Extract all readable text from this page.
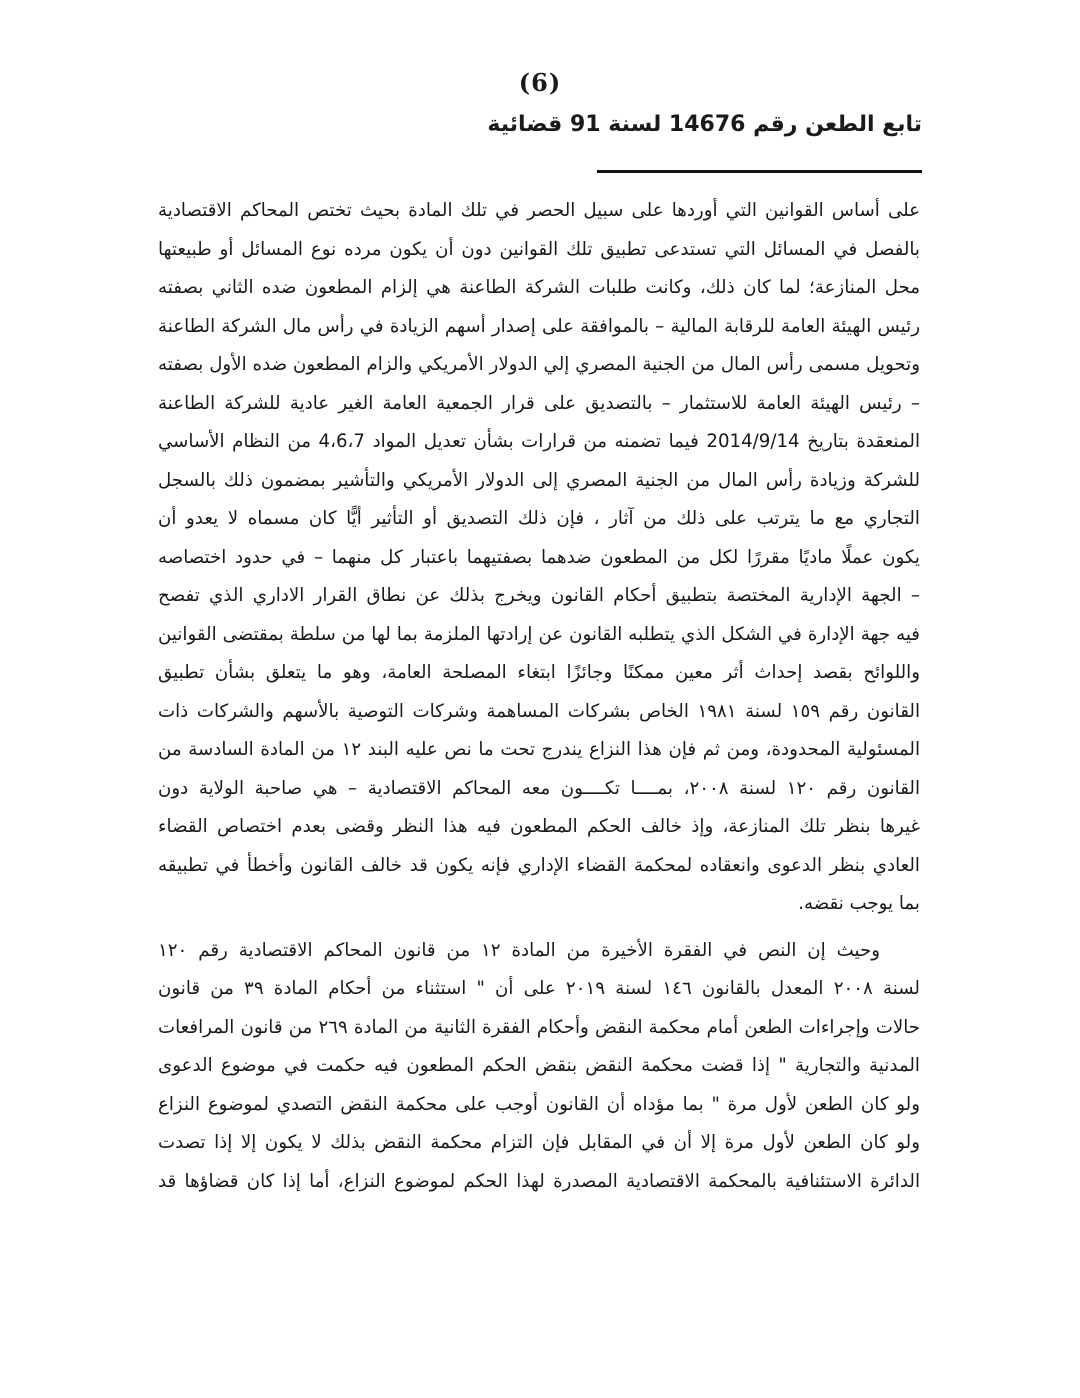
(6)
تابع الطعن رقم 14676 لسنة 91 قضائية
على أساس القوانين التي أوردها على سبيل الحصر في تلك المادة بحيث تختص المحاكم الاقتصادية
بالفصل في المسائل التي تستدعى تطبيق تلك القوانين دون أن يكون مرده نوع المسائل أو طبيعتها
محل المنازعة؛ لما كان ذلك، وكانت طلبات الشركة الطاعنة هي إلزام المطعون ضده الثاني بصفته
رئيس الهيئة العامة للرقابة المالية – بالموافقة على إصدار أسهم الزيادة في رأس مال الشركة الطاعنة
وتحويل مسمى رأس المال من الجنية المصري إلي الدولار الأمريكي والزام المطعون ضده الأول بصفته
– رئيس الهيئة العامة للاستثمار – بالتصديق على قرار الجمعية العامة الغير عادية للشركة الطاعنة
المنعقدة بتاريخ 2014/9/14 فيما تضمنه من قرارات بشأن تعديل المواد 4،6،7 من النظام الأساسي
للشركة وزيادة رأس المال من الجنية المصري إلى الدولار الأمريكي والتأشير بمضمون ذلك بالسجل
التجاري مع ما يترتب على ذلك من آثار ، فإن ذلك التصديق أو التأثير أيًّا كان مسماه لا يعدو أن
يكون عملًا ماديًا مقررًا لكل من المطعون ضدهما بصفتيهما باعتبار كل منهما – في حدود اختصاصه
– الجهة الإدارية المختصة بتطبيق أحكام القانون ويخرج بذلك عن نطاق القرار الاداري الذي تفصح
فيه جهة الإدارة في الشكل الذي يتطلبه القانون عن إرادتها الملزمة بما لها من سلطة بمقتضى القوانين
واللوائح بقصد إحداث أثر معين ممكنًا وجائزًا ابتغاء المصلحة العامة، وهو ما يتعلق بشأن تطبيق
القانون رقم ١٥٩ لسنة ١٩٨١ الخاص بشركات المساهمة وشركات التوصية بالأسهم والشركات ذات
المسئولية المحدودة، ومن ثم فإن هذا النزاع يندرج تحت ما نص عليه البند ١٢ من المادة السادسة من
القانون رقم ١٢٠ لسنة ٢٠٠٨، بمــــا تكــــون معه المحاكم الاقتصادية – هي صاحبة الولاية دون
غيرها بنظر تلك المنازعة، وإذ خالف الحكم المطعون فيه هذا النظر وقضى بعدم اختصاص القضاء
العادي بنظر الدعوى وانعقاده لمحكمة القضاء الإداري فإنه يكون قد خالف القانون وأخطأ في تطبيقه
بما يوجب نقضه.
وحيث إن النص في الفقرة الأخيرة من المادة ١٢ من قانون المحاكم الاقتصادية رقم ١٢٠
لسنة ٢٠٠٨ المعدل بالقانون ١٤٦ لسنة ٢٠١٩ على أن " استثناء من أحكام المادة ٣٩ من قانون
حالات وإجراءات الطعن أمام محكمة النقض وأحكام الفقرة الثانية من المادة ٢٦٩ من قانون المرافعات
المدنية والتجارية " إذا قضت محكمة النقض بنقض الحكم المطعون فيه حكمت في موضوع الدعوى
ولو كان الطعن لأول مرة " بما مؤداه أن القانون أوجب على محكمة النقض التصدي لموضوع النزاع
ولو كان الطعن لأول مرة إلا أن في المقابل فإن التزام محكمة النقض بذلك لا يكون إلا إذا تصدت
الدائرة الاستئنافية بالمحكمة الاقتصادية المصدرة لهذا الحكم لموضوع النزاع، أما إذا كان قضاؤها قد
